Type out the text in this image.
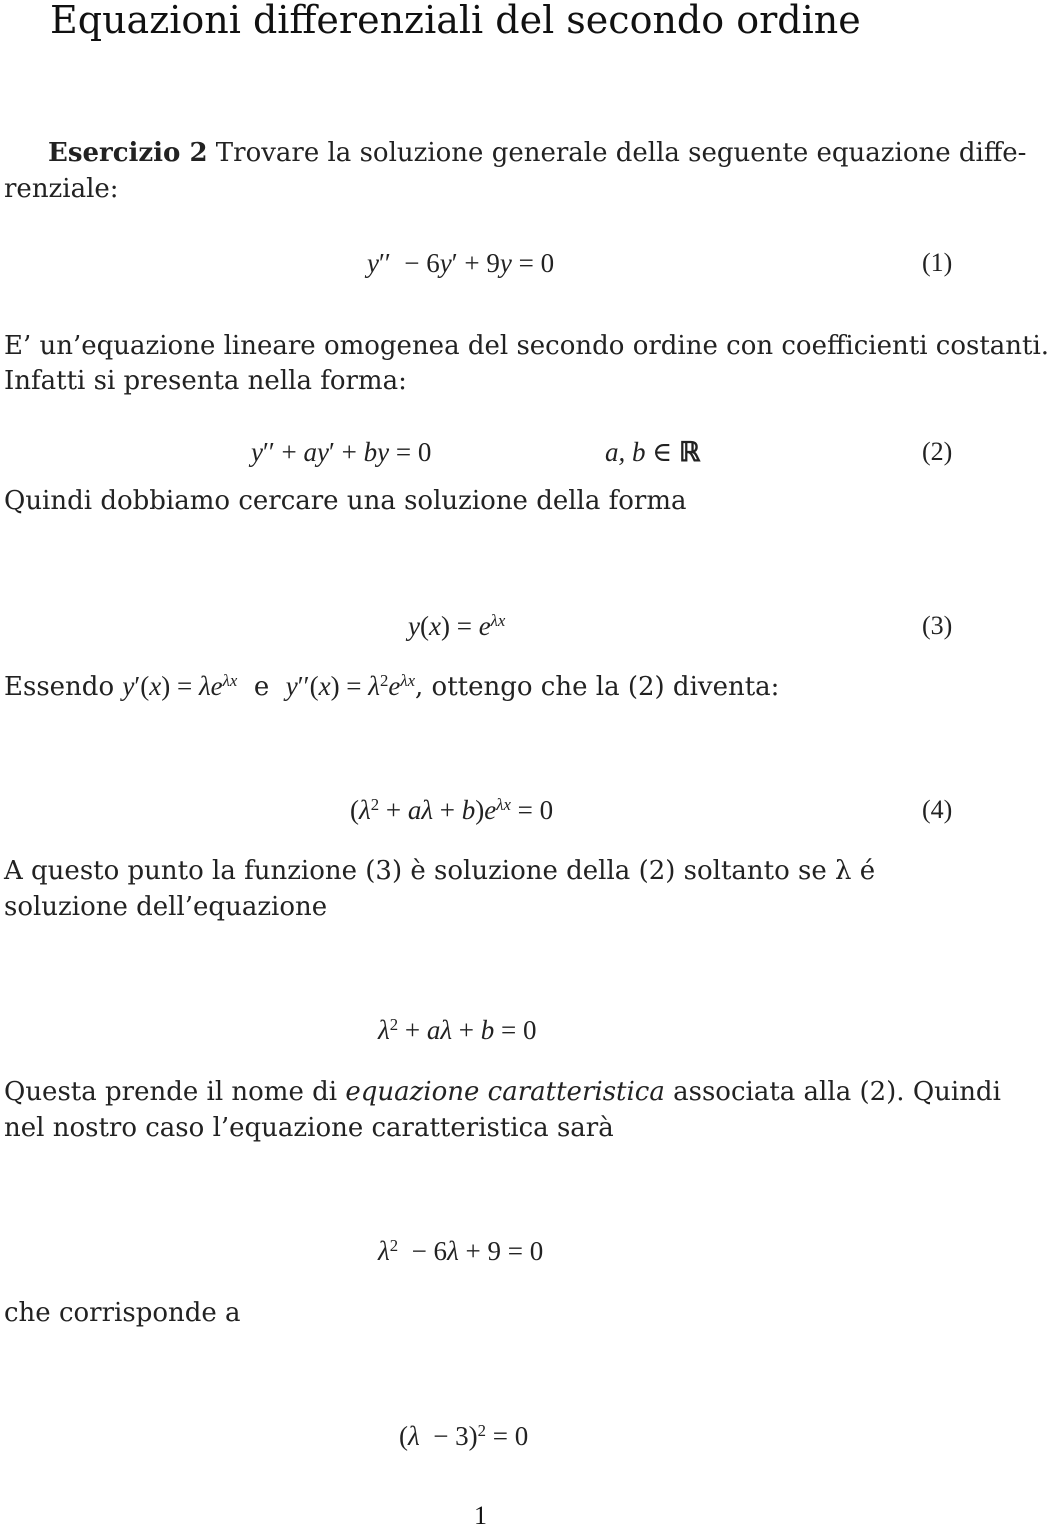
Equazioni differenziali del secondo ordine
Esercizio 2 Trovare la soluzione generale della seguente equazione diffe-
renziale:
y′′  − 6y′ + 9y = 0	(1)
E’ un’equazione lineare omogenea del secondo ordine con coefficienti costanti.
Infatti si presenta nella forma:
y′′ + ay′ + by = 0	a, b ∈ ℝ	(2)
Quindi dobbiamo cercare una soluzione della forma
$y(x) = e^{\lambda x}$	(3)
Essendo $y'(x) = \lambda e^{\lambda x}$  e  $y''(x) = \lambda^2e^{\lambda x}$, ottengo che la (2) diventa:
$(\lambda^2 + a\lambda + b)e^{\lambda x} = 0$	(4)
A questo punto la funzione (3) è soluzione della (2) soltanto se λ é
soluzione dell’equazione
$\lambda^2 + a\lambda + b = 0$
Questa prende il nome di equazione caratteristica associata alla (2). Quindi
nel nostro caso l’equazione caratteristica sarà
$\lambda^2 - 6\lambda + 9 = 0$
che corrisponde a
$(\lambda - 3)^2 = 0$
1
